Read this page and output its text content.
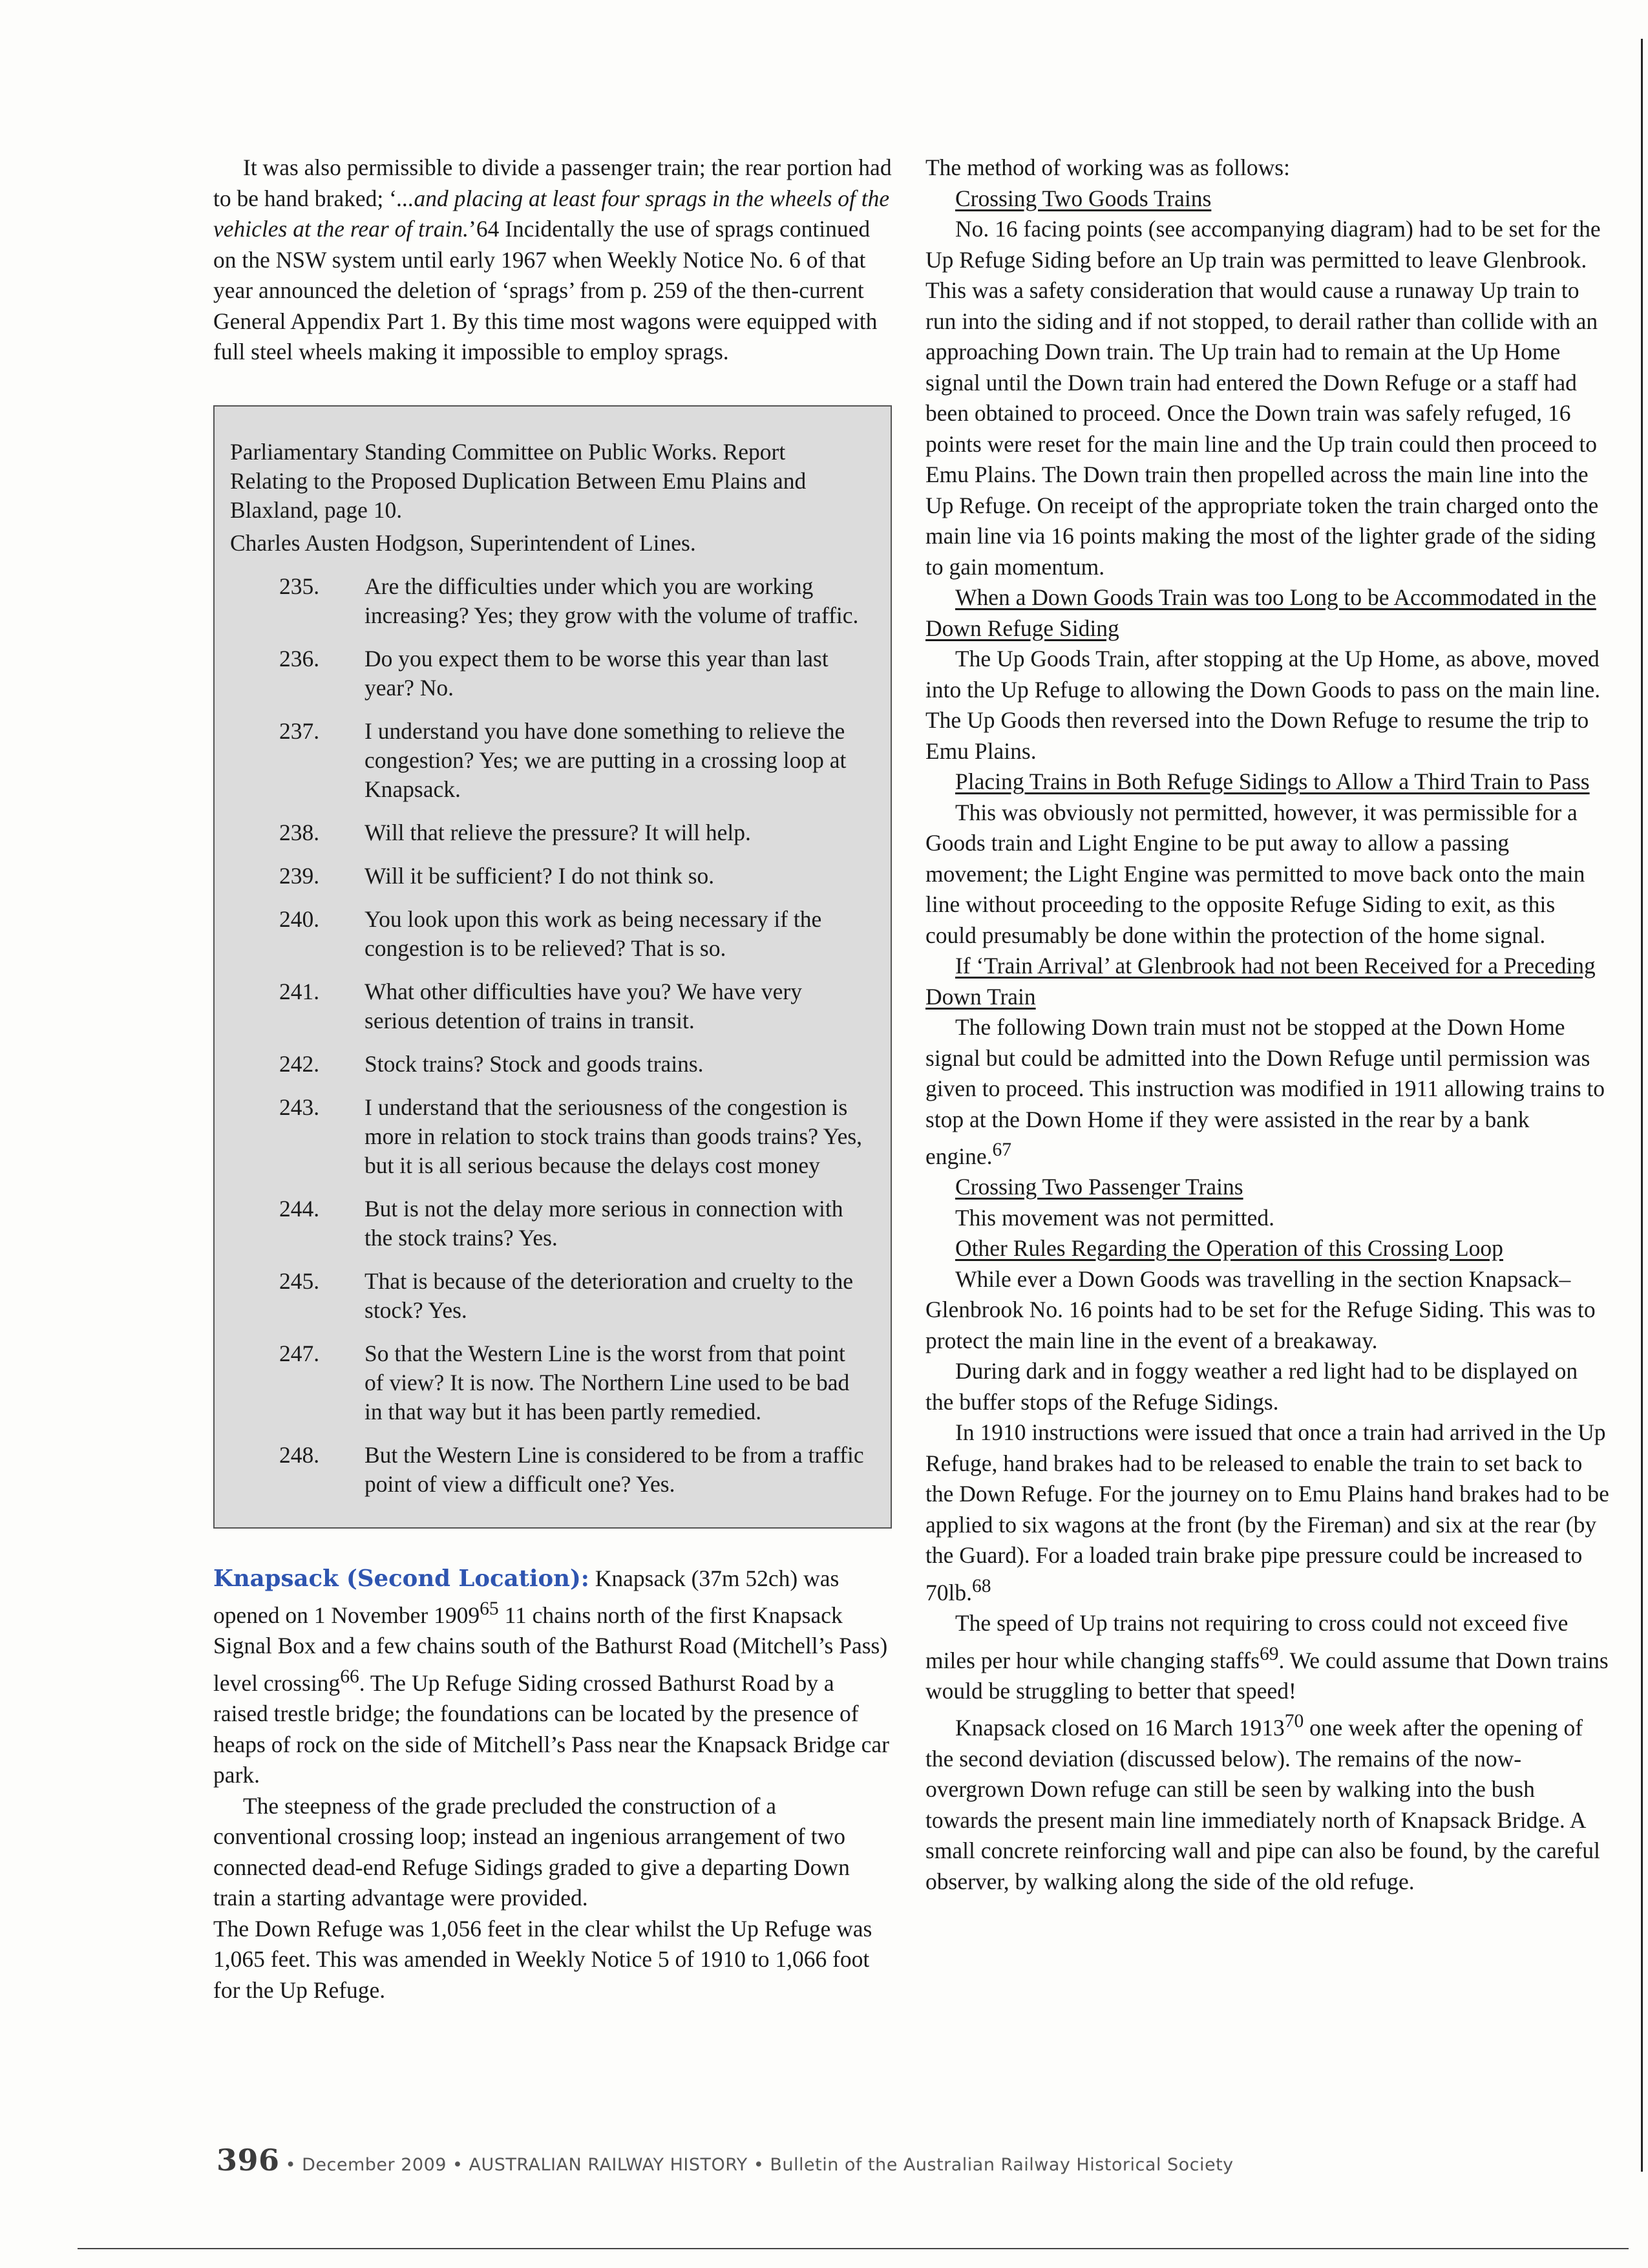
It was also permissible to divide a passenger train; the rear portion had to be hand braked; ‘...and placing at least four sprags in the wheels of the vehicles at the rear of train.’64 Incidentally the use of sprags continued on the NSW system until early 1967 when Weekly Notice No. 6 of that year announced the deletion of ‘sprags’ from p. 259 of the then-current General Appendix Part 1. By this time most wagons were equipped with full steel wheels making it impossible to employ sprags.

Parliamentary Standing Committee on Public Works. Report Relating to the Proposed Duplication Between Emu Plains and Blaxland, page 10.

Charles Austen Hodgson, Superintendent of Lines.

235.	Are the difficulties under which you are working increasing? Yes; they grow with the volume of traffic.
236.	Do you expect them to be worse this year than last year? No.
237.	I understand you have done something to relieve the congestion? Yes; we are putting in a crossing loop at Knapsack.
238.	Will that relieve the pressure? It will help.
239.	Will it be sufficient? I do not think so.
240.	You look upon this work as being necessary if the congestion is to be relieved? That is so.
241.	What other difficulties have you? We have very serious detention of trains in transit.
242.	Stock trains? Stock and goods trains.
243.	I understand that the seriousness of the congestion is more in relation to stock trains than goods trains? Yes, but it is all serious because the delays cost money
244.	But is not the delay more serious in connection with the stock trains? Yes.
245.	That is because of the deterioration and cruelty to the stock? Yes.
247.	So that the Western Line is the worst from that point of view? It is now. The Northern Line used to be bad in that way but it has been partly remedied.
248.	But the Western Line is considered to be from a traffic point of view a difficult one? Yes.

Knapsack (Second Location): Knapsack (37m 52ch) was opened on 1 November 1909$^{65}$ 11 chains north of the first Knapsack Signal Box and a few chains south of the Bathurst Road (Mitchell’s Pass) level crossing$^{66}$. The Up Refuge Siding crossed Bathurst Road by a raised trestle bridge; the foundations can be located by the presence of heaps of rock on the side of Mitchell’s Pass near the Knapsack Bridge car park.

The steepness of the grade precluded the construction of a conventional crossing loop; instead an ingenious arrangement of two connected dead-end Refuge Sidings graded to give a departing Down train a starting advantage were provided.

The Down Refuge was 1,056 feet in the clear whilst the Up Refuge was 1,065 feet. This was amended in Weekly Notice 5 of 1910 to 1,066 foot for the Up Refuge.

The method of working was as follows:

Crossing Two Goods Trains

No. 16 facing points (see accompanying diagram) had to be set for the Up Refuge Siding before an Up train was permitted to leave Glenbrook. This was a safety consideration that would cause a runaway Up train to run into the siding and if not stopped, to derail rather than collide with an approaching Down train. The Up train had to remain at the Up Home signal until the Down train had entered the Down Refuge or a staff had been obtained to proceed. Once the Down train was safely refuged, 16 points were reset for the main line and the Up train could then proceed to Emu Plains. The Down train then propelled across the main line into the Up Refuge. On receipt of the appropriate token the train charged onto the main line via 16 points making the most of the lighter grade of the siding to gain momentum.

When a Down Goods Train was too Long to be Accommodated in the Down Refuge Siding

The Up Goods Train, after stopping at the Up Home, as above, moved into the Up Refuge to allowing the Down Goods to pass on the main line. The Up Goods then reversed into the Down Refuge to resume the trip to Emu Plains.

Placing Trains in Both Refuge Sidings to Allow a Third Train to Pass

This was obviously not permitted, however, it was permissible for a Goods train and Light Engine to be put away to allow a passing movement; the Light Engine was permitted to move back onto the main line without proceeding to the opposite Refuge Siding to exit, as this could presumably be done within the protection of the home signal.

If ‘Train Arrival’ at Glenbrook had not been Received for a Preceding Down Train

The following Down train must not be stopped at the Down Home signal but could be admitted into the Down Refuge until permission was given to proceed. This instruction was modified in 1911 allowing trains to stop at the Down Home if they were assisted in the rear by a bank engine.$^{67}$

Crossing Two Passenger Trains

This movement was not permitted.

Other Rules Regarding the Operation of this Crossing Loop

While ever a Down Goods was travelling in the section Knapsack–Glenbrook No. 16 points had to be set for the Refuge Siding. This was to protect the main line in the event of a breakaway.

During dark and in foggy weather a red light had to be displayed on the buffer stops of the Refuge Sidings.

In 1910 instructions were issued that once a train had arrived in the Up Refuge, hand brakes had to be released to enable the train to set back to the Down Refuge. For the journey on to Emu Plains hand brakes had to be applied to six wagons at the front (by the Fireman) and six at the rear (by the Guard). For a loaded train brake pipe pressure could be increased to 70lb.$^{68}$

The speed of Up trains not requiring to cross could not exceed five miles per hour while changing staffs$^{69}$. We could assume that Down trains would be struggling to better that speed!

Knapsack closed on 16 March 1913$^{70}$ one week after the opening of the second deviation (discussed below). The remains of the now-overgrown Down refuge can still be seen by walking into the bush towards the present main line immediately north of Knapsack Bridge. A small concrete reinforcing wall and pipe can also be found, by the careful observer, by walking along the side of the old refuge.

396 • December 2009 • AUSTRALIAN RAILWAY HISTORY • Bulletin of the Australian Railway Historical Society
